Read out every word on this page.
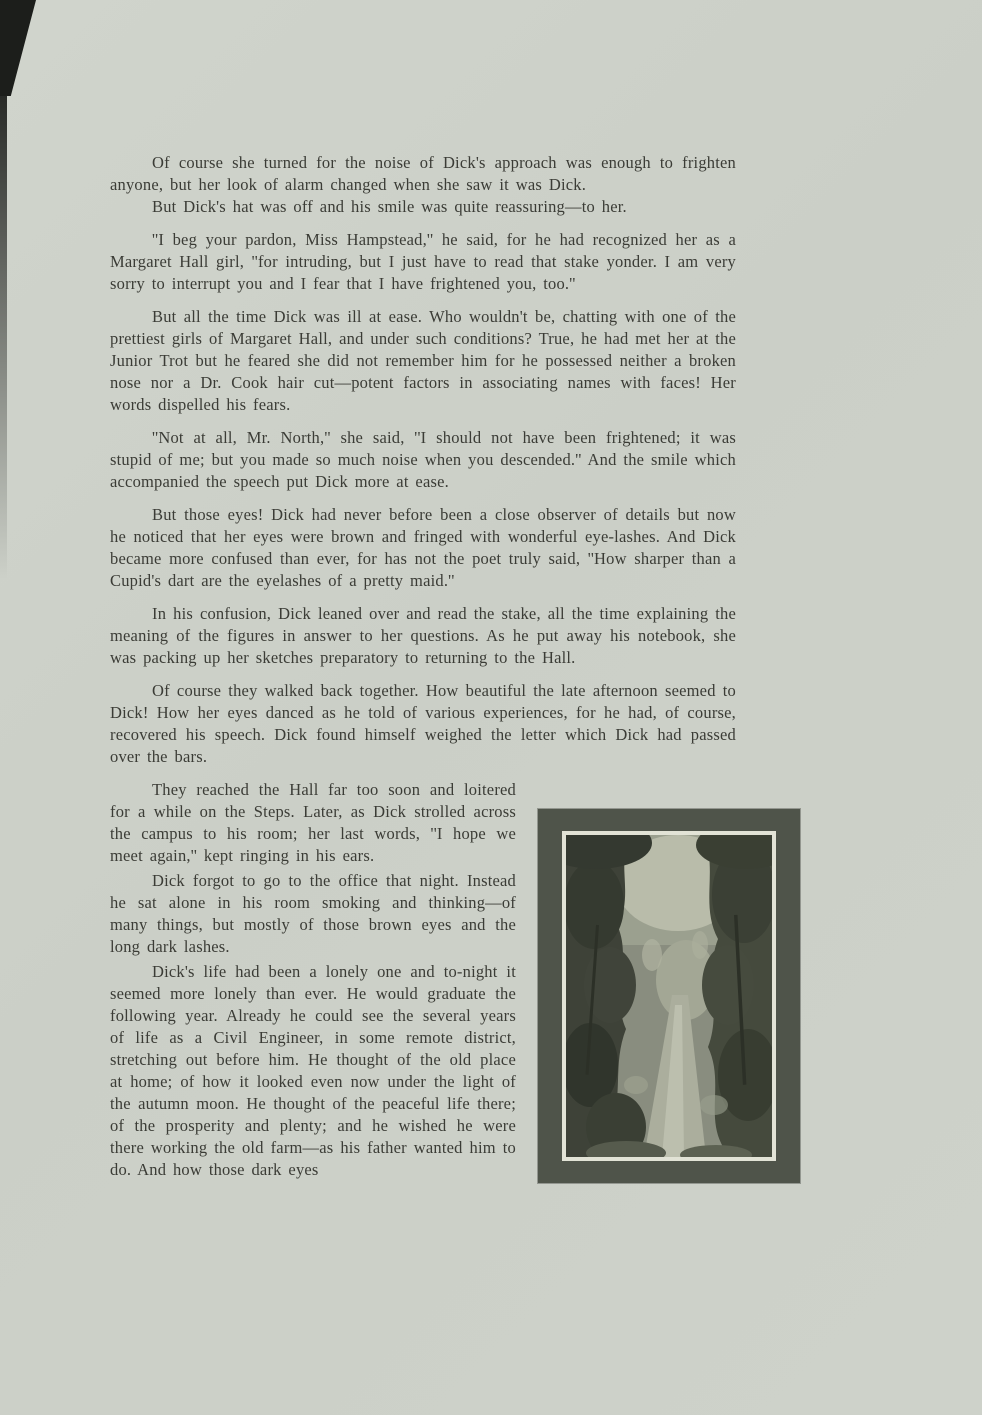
Of course she turned for the noise of Dick's approach was enough to frighten anyone, but her look of alarm changed when she saw it was Dick.

But Dick's hat was off and his smile was quite reassuring—to her.

''I beg your pardon, Miss Hampstead,'' he said, for he had recognized her as a Margaret Hall girl, ''for intruding, but I just have to read that stake yonder. I am very sorry to interrupt you and I fear that I have frightened you, too.''

But all the time Dick was ill at ease. Who wouldn't be, chatting with one of the prettiest girls of Margaret Hall, and under such conditions? True, he had met her at the Junior Trot but he feared she did not remember him for he possessed neither a broken nose nor a Dr. Cook hair cut—potent factors in associating names with faces! Her words dispelled his fears.

''Not at all, Mr. North,'' she said, ''I should not have been frightened; it was stupid of me; but you made so much noise when you descended.'' And the smile which accompanied the speech put Dick more at ease.

But those eyes! Dick had never before been a close observer of details but now he noticed that her eyes were brown and fringed with wonderful eye-lashes. And Dick became more confused than ever, for has not the poet truly said, ''How sharper than a Cupid's dart are the eyelashes of a pretty maid.''

In his confusion, Dick leaned over and read the stake, all the time explaining the meaning of the figures in answer to her questions. As he put away his notebook, she was packing up her sketches preparatory to returning to the Hall.

Of course they walked back together. How beautiful the late afternoon seemed to Dick! How her eyes danced as he told of various experiences, for he had, of course, recovered his speech. Dick found himself weighed the letter which Dick had passed over the bars.

They reached the Hall far too soon and loitered for a while on the Steps. Later, as Dick strolled across the campus to his room; her last words, ''I hope we meet again,'' kept ringing in his ears.

Dick forgot to go to the office that night. Instead he sat alone in his room smoking and thinking—of many things, but mostly of those brown eyes and the long dark lashes.

Dick's life had been a lonely one and to-night it seemed more lonely than ever. He would graduate the following year. Already he could see the several years of life as a Civil Engineer, in some remote district, stretching out before him. He thought of the old place at home; of how it looked even now under the light of the autumn moon. He thought of the peaceful life there; of the prosperity and plenty; and he wished he were there working the old farm—as his father wanted him to do. And how those dark eyes
